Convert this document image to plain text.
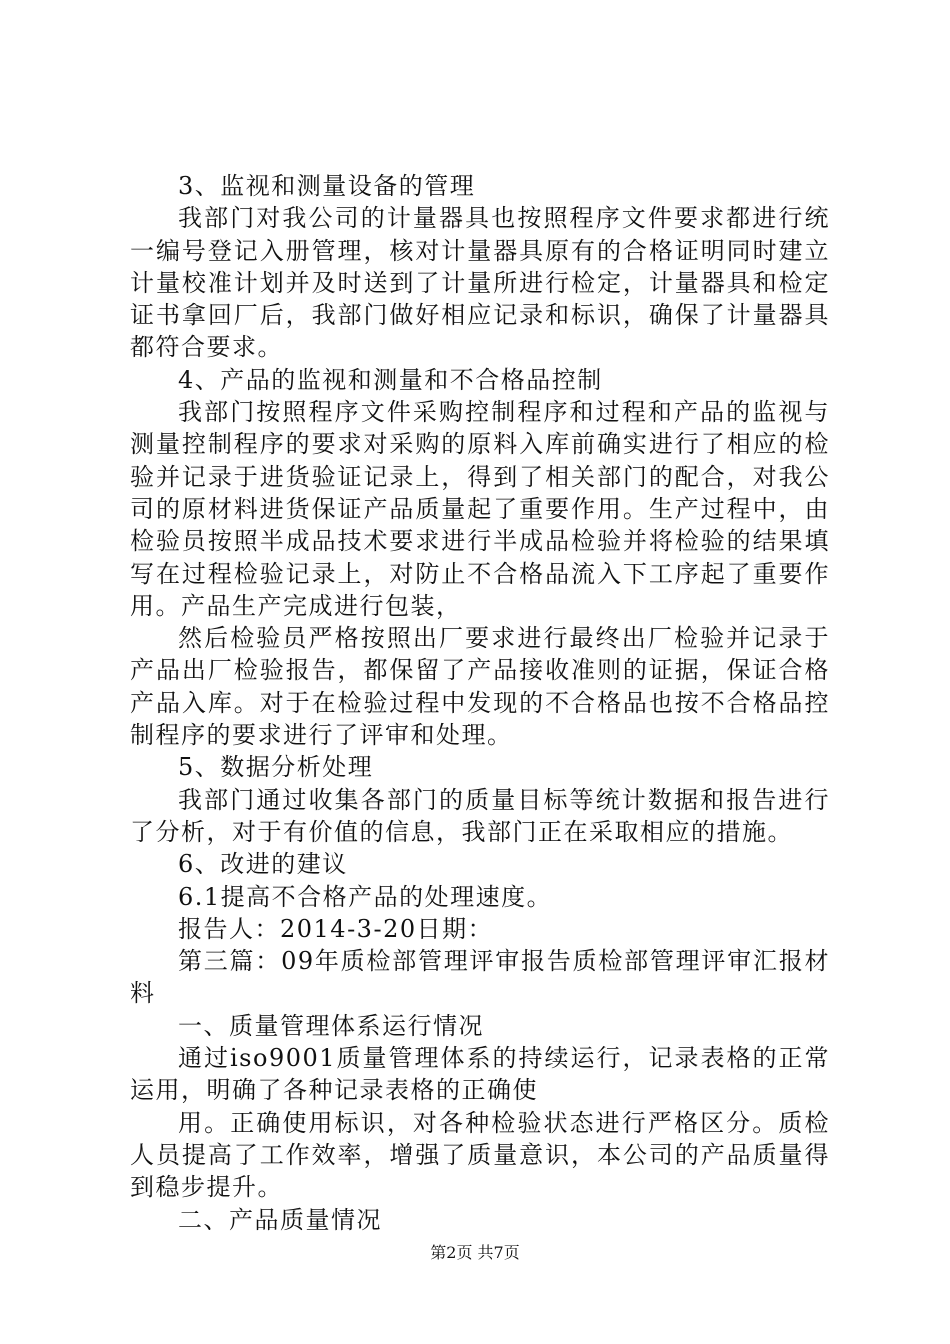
3、监视和测量设备的管理

我部门对我公司的计量器具也按照程序文件要求都进行统一编号登记入册管理，核对计量器具原有的合格证明同时建立计量校准计划并及时送到了计量所进行检定，计量器具和检定证书拿回厂后，我部门做好相应记录和标识，确保了计量器具都符合要求。

4、产品的监视和测量和不合格品控制

我部门按照程序文件采购控制程序和过程和产品的监视与测量控制程序的要求对采购的原料入库前确实进行了相应的检验并记录于进货验证记录上，得到了相关部门的配合，对我公司的原材料进货保证产品质量起了重要作用。生产过程中，由检验员按照半成品技术要求进行半成品检验并将检验的结果填写在过程检验记录上，对防止不合格品流入下工序起了重要作用。产品生产完成进行包装，

然后检验员严格按照出厂要求进行最终出厂检验并记录于产品出厂检验报告，都保留了产品接收准则的证据，保证合格产品入库。对于在检验过程中发现的不合格品也按不合格品控制程序的要求进行了评审和处理。

5、数据分析处理

我部门通过收集各部门的质量目标等统计数据和报告进行了分析，对于有价值的信息，我部门正在采取相应的措施。

6、改进的建议

6.1提高不合格产品的处理速度。

报告人：2014-3-20日期：

第三篇：09年质检部管理评审报告质检部管理评审汇报材料

一、质量管理体系运行情况

通过iso9001质量管理体系的持续运行，记录表格的正常运用，明确了各种记录表格的正确使

用。正确使用标识，对各种检验状态进行严格区分。质检人员提高了工作效率，增强了质量意识，本公司的产品质量得到稳步提升。

二、产品质量情况

第2页 共7页
